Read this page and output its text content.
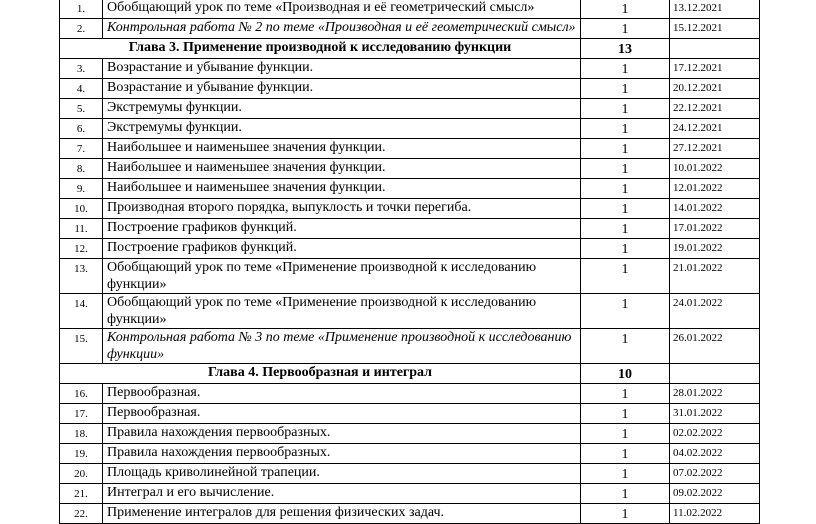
1.	Обобщающий урок по теме «Производная и её геометрический смысл»	1	13.12.2021
2.	Контрольная работа № 2 по теме «Производная и её геометрический смысл»	1	15.12.2021
Глава 3. Применение производной к исследованию функции		13	
3.	Возрастание и убывание функции.	1	17.12.2021
4.	Возрастание и убывание функции.	1	20.12.2021
5.	Экстремумы функции.	1	22.12.2021
6.	Экстремумы функции.	1	24.12.2021
7.	Наибольшее и наименьшее значения функции.	1	27.12.2021
8.	Наибольшее и наименьшее значения функции.	1	10.01.2022
9.	Наибольшее и наименьшее значения функции.	1	12.01.2022
10.	Производная второго порядка, выпуклость и точки перегиба.	1	14.01.2022
11.	Построение графиков функций.	1	17.01.2022
12.	Построение графиков функций.	1	19.01.2022
13.	Обобщающий урок по теме «Применение производной к исследованию функции»	1	21.01.2022
14.	Обобщающий урок по теме «Применение производной к исследованию функции»	1	24.01.2022
15.	Контрольная работа № 3 по теме «Применение производной к исследованию функции»	1	26.01.2022
Глава 4. Первообразная и интеграл		10	
16.	Первообразная.	1	28.01.2022
17.	Первообразная.	1	31.01.2022
18.	Правила нахождения первообразных.	1	02.02.2022
19.	Правила нахождения первообразных.	1	04.02.2022
20.	Площадь криволинейной трапеции.	1	07.02.2022
21.	Интеграл и его вычисление.	1	09.02.2022
22.	Применение интегралов для решения физических задач.	1	11.02.2022
